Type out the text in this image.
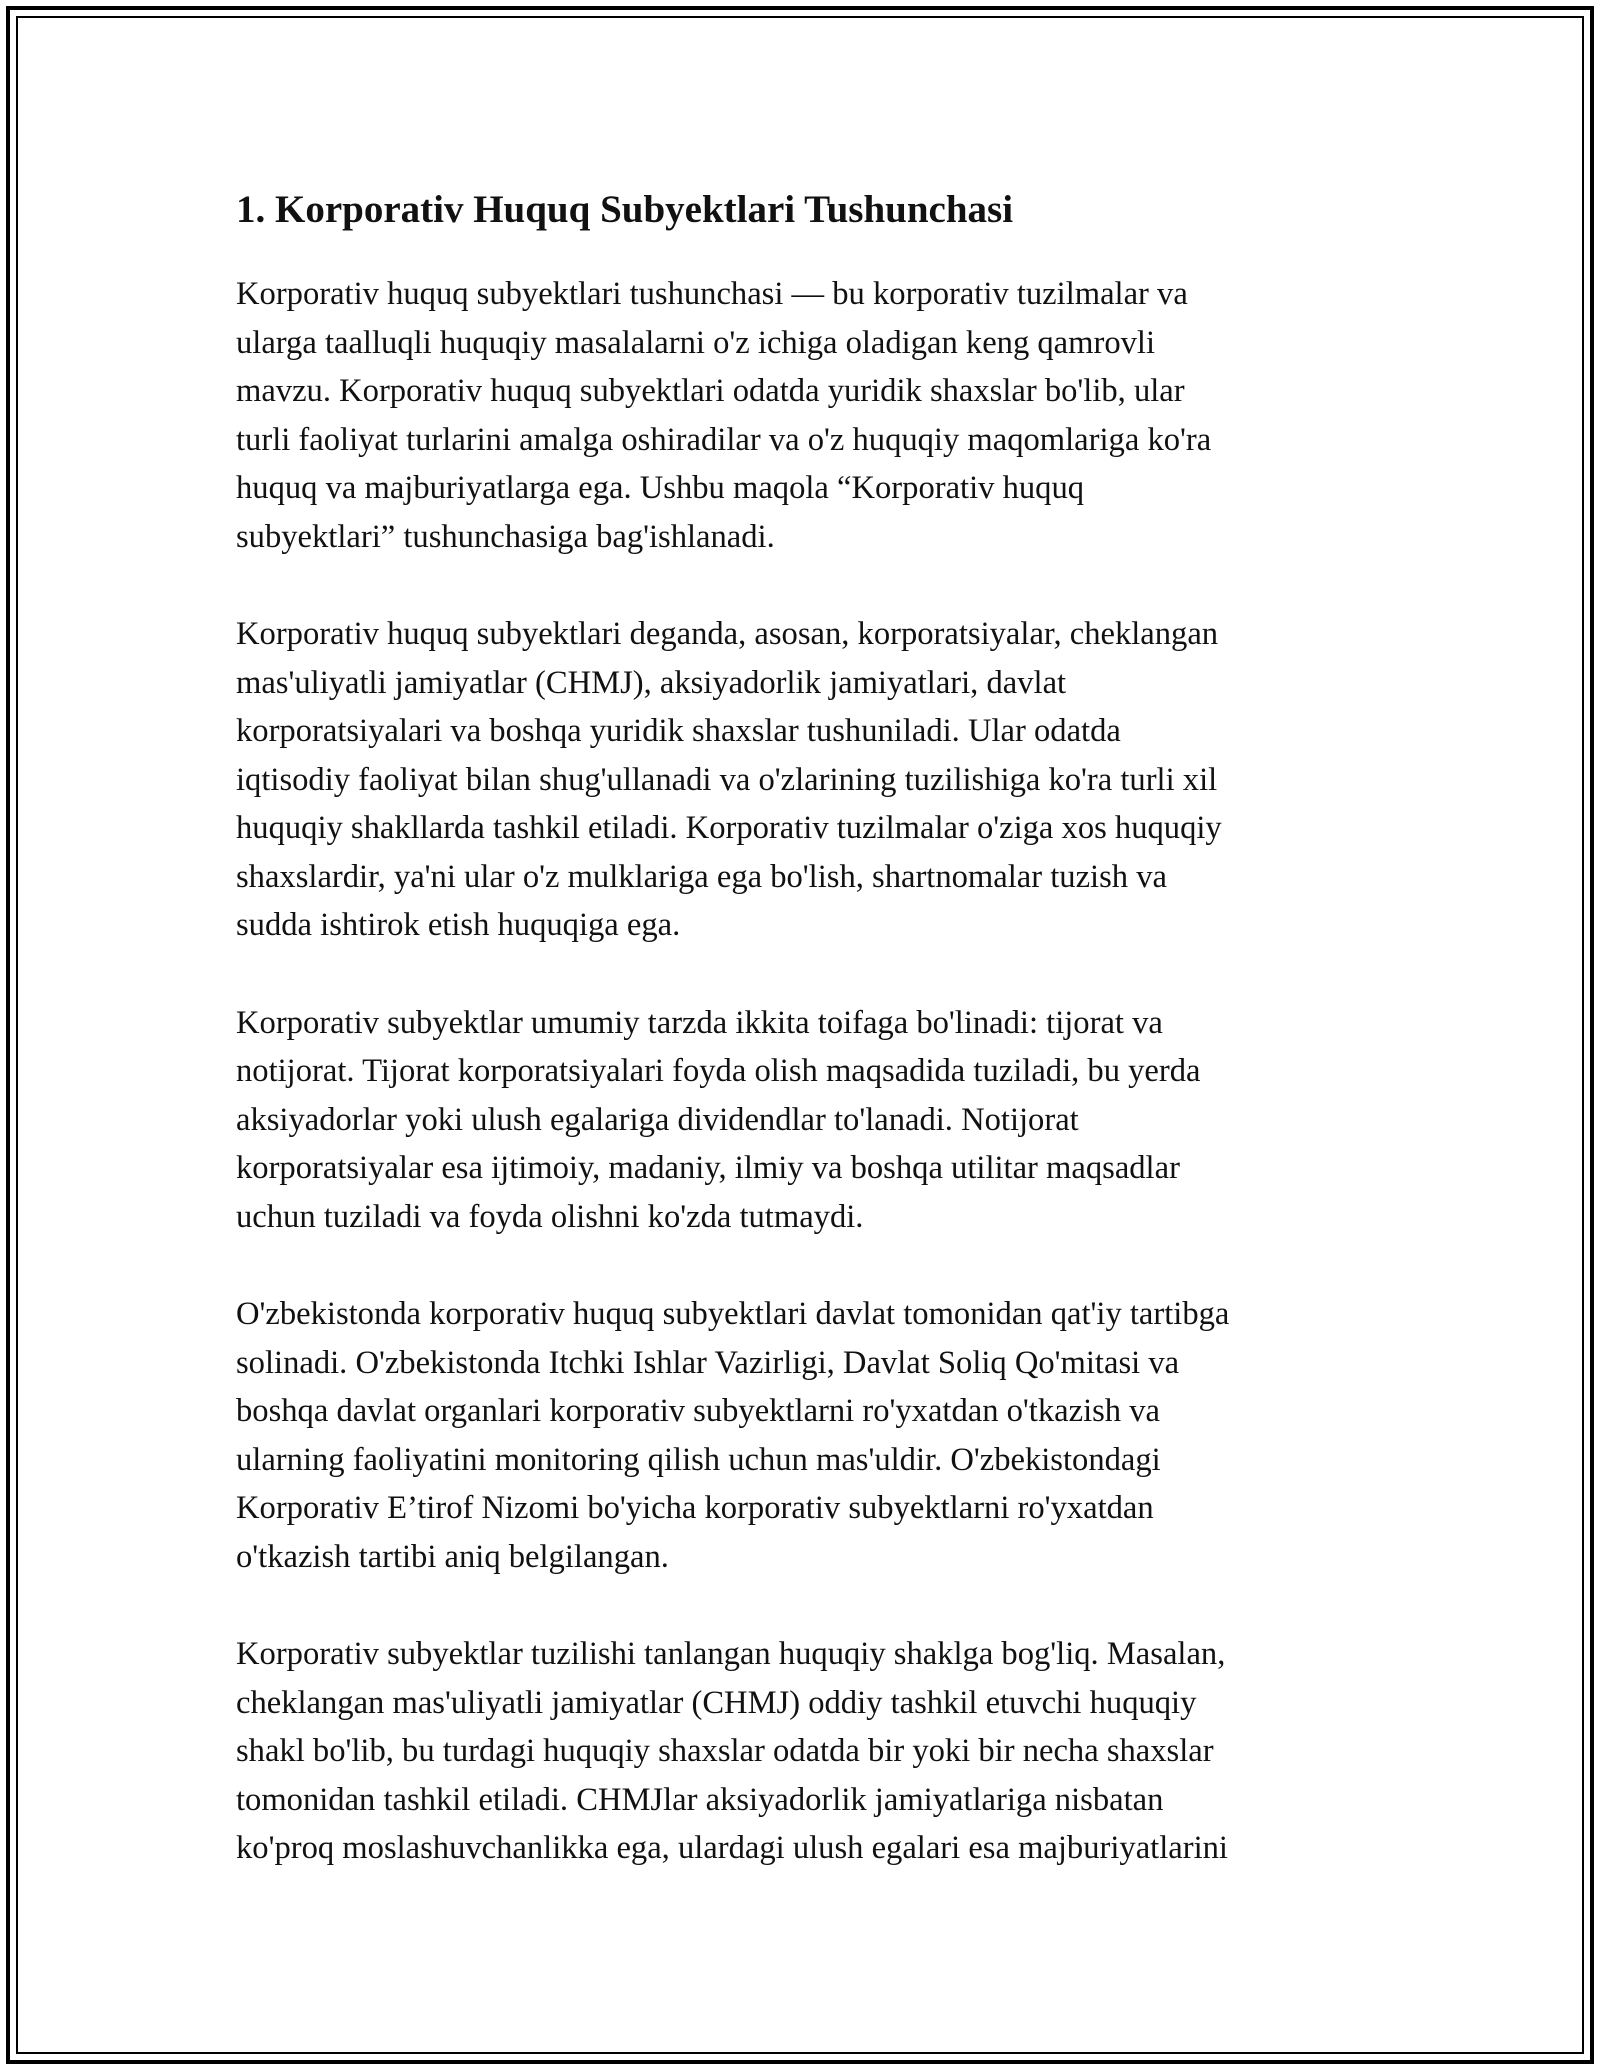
1. Korporativ Huquq Subyektlari Tushunchasi

Korporativ huquq subyektlari tushunchasi — bu korporativ tuzilmalar va
ularga taalluqli huquqiy masalalarni o'z ichiga oladigan keng qamrovli
mavzu. Korporativ huquq subyektlari odatda yuridik shaxslar bo'lib, ular
turli faoliyat turlarini amalga oshiradilar va o'z huquqiy maqomlariga ko'ra
huquq va majburiyatlarga ega. Ushbu maqola “Korporativ huquq
subyektlari” tushunchasiga bag'ishlanadi.

Korporativ huquq subyektlari deganda, asosan, korporatsiyalar, cheklangan
mas'uliyatli jamiyatlar (CHMJ), aksiyadorlik jamiyatlari, davlat
korporatsiyalari va boshqa yuridik shaxslar tushuniladi. Ular odatda
iqtisodiy faoliyat bilan shug'ullanadi va o'zlarining tuzilishiga ko'ra turli xil
huquqiy shakllarda tashkil etiladi. Korporativ tuzilmalar o'ziga xos huquqiy
shaxslardir, ya'ni ular o'z mulklariga ega bo'lish, shartnomalar tuzish va
sudda ishtirok etish huquqiga ega.

Korporativ subyektlar umumiy tarzda ikkita toifaga bo'linadi: tijorat va
notijorat. Tijorat korporatsiyalari foyda olish maqsadida tuziladi, bu yerda
aksiyadorlar yoki ulush egalariga dividendlar to'lanadi. Notijorat
korporatsiyalar esa ijtimoiy, madaniy, ilmiy va boshqa utilitar maqsadlar
uchun tuziladi va foyda olishni ko'zda tutmaydi.

O'zbekistonda korporativ huquq subyektlari davlat tomonidan qat'iy tartibga
solinadi. O'zbekistonda Itchki Ishlar Vazirligi, Davlat Soliq Qo'mitasi va
boshqa davlat organlari korporativ subyektlarni ro'yxatdan o'tkazish va
ularning faoliyatini monitoring qilish uchun mas'uldir. O'zbekistondagi
Korporativ E’tirof Nizomi bo'yicha korporativ subyektlarni ro'yxatdan
o'tkazish tartibi aniq belgilangan.

Korporativ subyektlar tuzilishi tanlangan huquqiy shaklga bog'liq. Masalan,
cheklangan mas'uliyatli jamiyatlar (CHMJ) oddiy tashkil etuvchi huquqiy
shakl bo'lib, bu turdagi huquqiy shaxslar odatda bir yoki bir necha shaxslar
tomonidan tashkil etiladi. CHMJlar aksiyadorlik jamiyatlariga nisbatan
ko'proq moslashuvchanlikka ega, ulardagi ulush egalari esa majburiyatlarini
